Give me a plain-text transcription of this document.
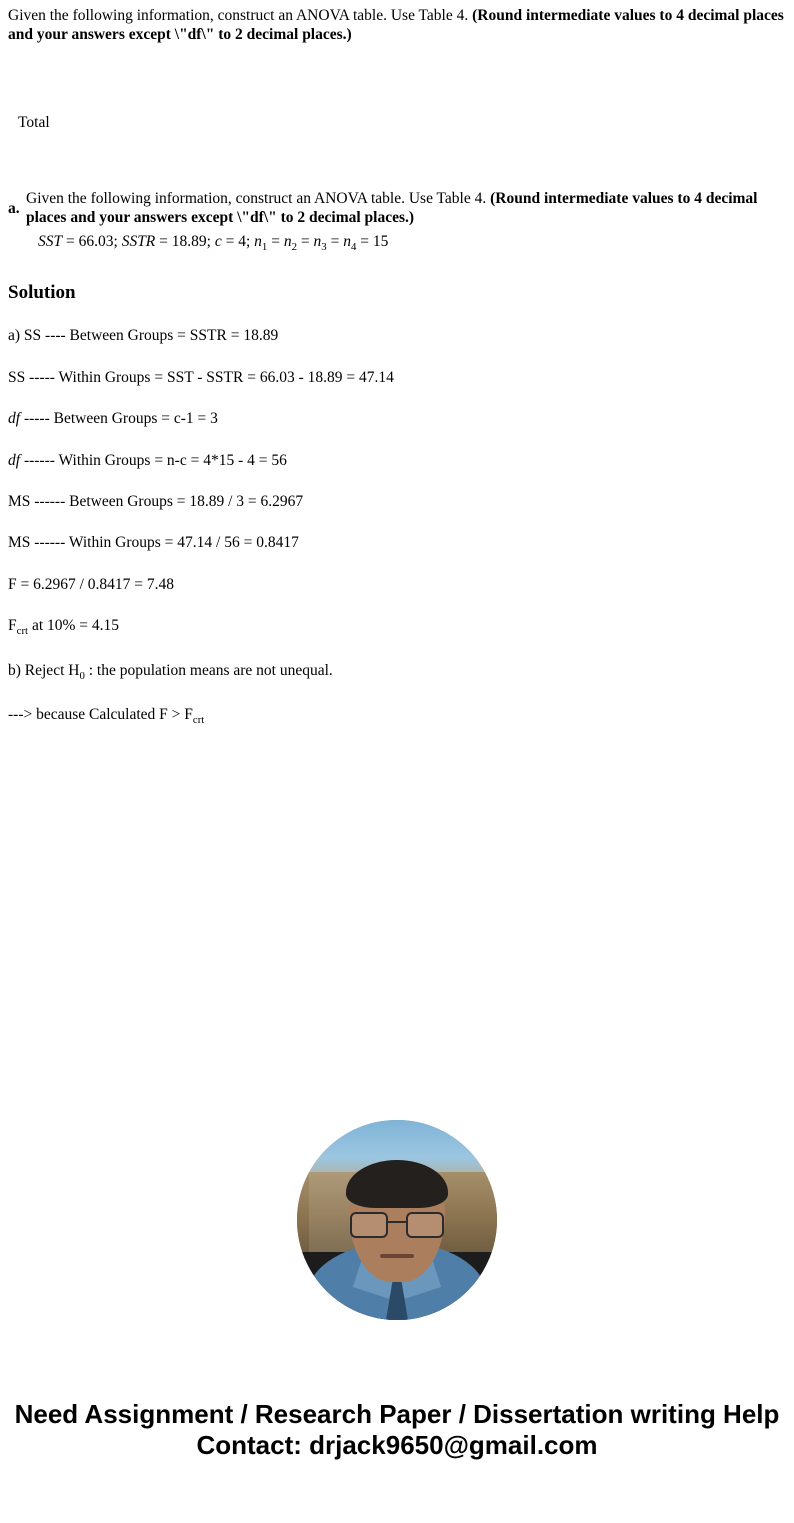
Given the following information, construct an ANOVA table. Use Table 4. (Round intermediate values to 4 decimal places and your answers except \"df\" to 2 decimal places.)
Total
a.
Given the following information, construct an ANOVA table. Use Table 4. (Round intermediate values to 4 decimal places and your answers except \"df\" to 2 decimal places.)
SST = 66.03; SSTR = 18.89; c = 4; $n_1 = n_2 = n_3 = n_4 = 15$
Solution
a) SS ---- Between Groups = SSTR = 18.89
SS ----- Within Groups = SST - SSTR = 66.03 - 18.89 = 47.14
df ----- Between Groups = c-1 = 3
df ------ Within Groups = n-c = 4*15 - 4 = 56
MS ------ Between Groups = 18.89 / 3 = 6.2967
MS ------ Within Groups = 47.14 / 56 = 0.8417
F = 6.2967 / 0.8417 = 7.48
$F_{crt}$ at 10% = 4.15
b) Reject $H_0$ : the population means are not unequal.
---> because Calculated $F > F_{crt}$
Need Assignment / Research Paper / Dissertation writing Help
Contact: drjack9650@gmail.com
